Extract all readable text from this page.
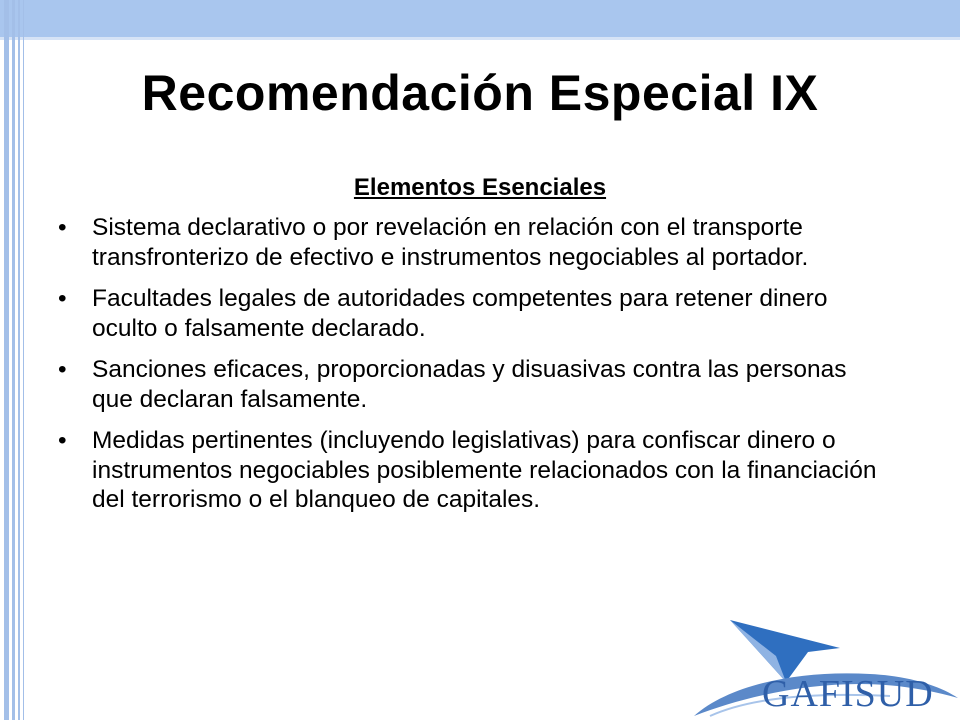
Recomendación Especial IX
Elementos Esenciales
• Sistema declarativo o por revelación en relación con el transporte transfronterizo de efectivo e instrumentos negociables al portador.
• Facultades legales de autoridades competentes para retener dinero oculto o falsamente declarado.
• Sanciones eficaces, proporcionadas y disuasivas contra las personas que declaran falsamente.
• Medidas pertinentes (incluyendo legislativas) para confiscar dinero o instrumentos negociables posiblemente relacionados con la financiación del terrorismo o el blanqueo de capitales.
GAFISUD
